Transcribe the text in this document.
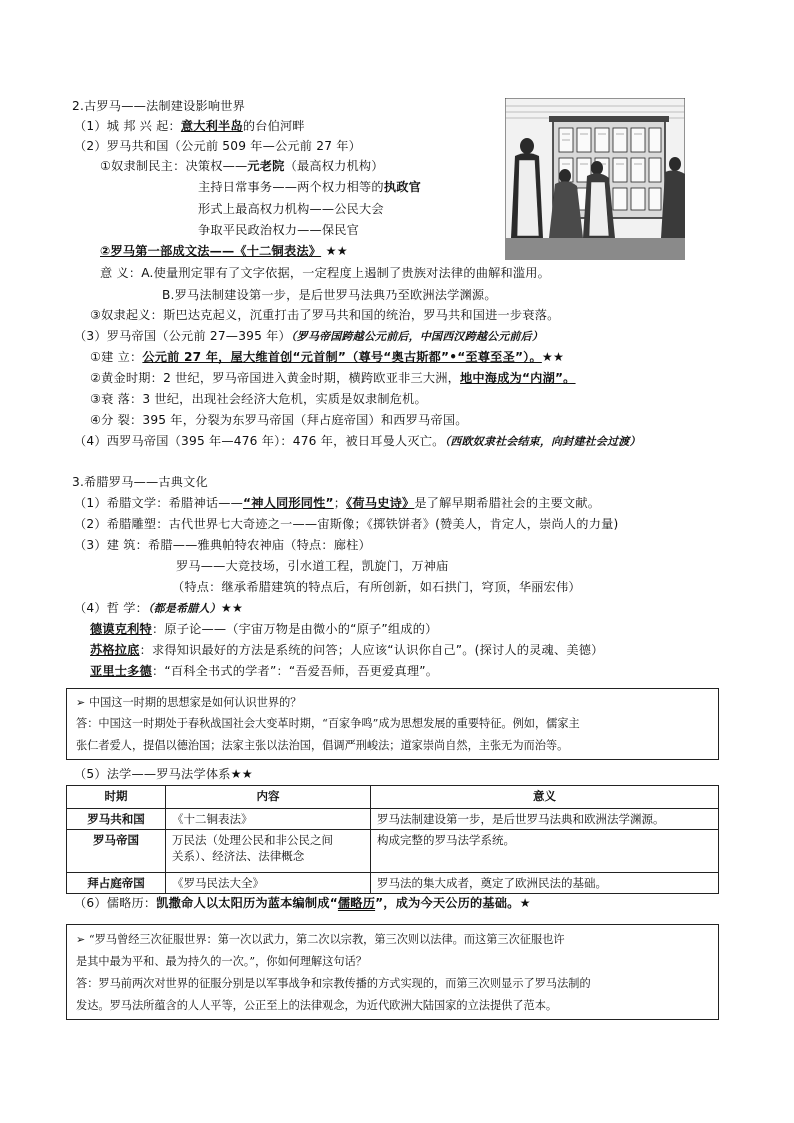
2.古罗马——法制建设影响世界
（1）城 邦 兴 起：意大利半岛的台伯河畔
（2）罗马共和国（公元前 509 年—公元前 27 年）
①奴隶制民主：决策权——元老院（最高权力机构）
主持日常事务——两个权力相等的执政官
形式上最高权力机构——公民大会
争取平民政治权力——保民官
②罗马第一部成文法——《十二铜表法》 ★★
意 义：A.使量刑定罪有了文字依据，一定程度上遏制了贵族对法律的曲解和滥用。
B.罗马法制建设第一步，是后世罗马法典乃至欧洲法学渊源。
③奴隶起义：斯巴达克起义，沉重打击了罗马共和国的统治，罗马共和国进一步衰落。
（3）罗马帝国（公元前 27—395 年）（罗马帝国跨越公元前后，中国西汉跨越公元前后）
①建 立：公元前 27 年，屋大维首创“元首制”（尊号“奥古斯都”•“至尊至圣”）。★★
②黄金时期：2 世纪，罗马帝国进入黄金时期，横跨欧亚非三大洲，地中海成为“内湖”。
③衰 落：3 世纪，出现社会经济大危机，实质是奴隶制危机。
④分 裂：395 年，分裂为东罗马帝国（拜占庭帝国）和西罗马帝国。
（4）西罗马帝国（395 年—476 年）：476 年，被日耳曼人灭亡。（西欧奴隶社会结束，向封建社会过渡）
3.希腊罗马——古典文化
（1）希腊文学：希腊神话——“神人同形同性”；《荷马史诗》是了解早期希腊社会的主要文献。
（2）希腊雕塑：古代世界七大奇迹之一——宙斯像；《掷铁饼者》(赞美人，肯定人，崇尚人的力量)
（3）建 筑：希腊——雅典帕特农神庙（特点：廊柱）
罗马——大竞技场，引水道工程，凯旋门，万神庙
（特点：继承希腊建筑的特点后，有所创新，如石拱门，穹顶，华丽宏伟）
（4）哲 学：（都是希腊人）★★
德谟克利特：原子论——（宇宙万物是由微小的“原子”组成的）
苏格拉底：求得知识最好的方法是系统的问答；人应该“认识你自己”。(探讨人的灵魂、美德）
亚里士多德：“百科全书式的学者”：“吾爱吾师，吾更爱真理”。
➢ 中国这一时期的思想家是如何认识世界的？
答：中国这一时期处于春秋战国社会大变革时期，“百家争鸣”成为思想发展的重要特征。例如，儒家主
张仁者爱人，提倡以德治国；法家主张以法治国，倡调严刑峻法；道家崇尚自然，主张无为而治等。
（5）法学——罗马法学体系★★
时期	内容	意义
罗马共和国	《十二铜表法》	罗马法制建设第一步，是后世罗马法典和欧洲法学渊源。
罗马帝国	万民法（处理公民和非公民之间
关系）、经济法、法律概念	构成完整的罗马法学系统。
拜占庭帝国	《罗马民法大全》	罗马法的集大成者，奠定了欧洲民法的基础。
（6）儒略历：凯撒命人以太阳历为蓝本编制成“儒略历”，成为今天公历的基础。★
➢ “罗马曾经三次征服世界：第一次以武力，第二次以宗教，第三次则以法律。而这第三次征服也许
是其中最为平和、最为持久的一次。”，你如何理解这句话？
答：罗马前两次对世界的征服分别是以军事战争和宗教传播的方式实现的，而第三次则显示了罗马法制的
发达。罗马法所蕴含的人人平等，公正至上的法律观念，为近代欧洲大陆国家的立法提供了范本。
